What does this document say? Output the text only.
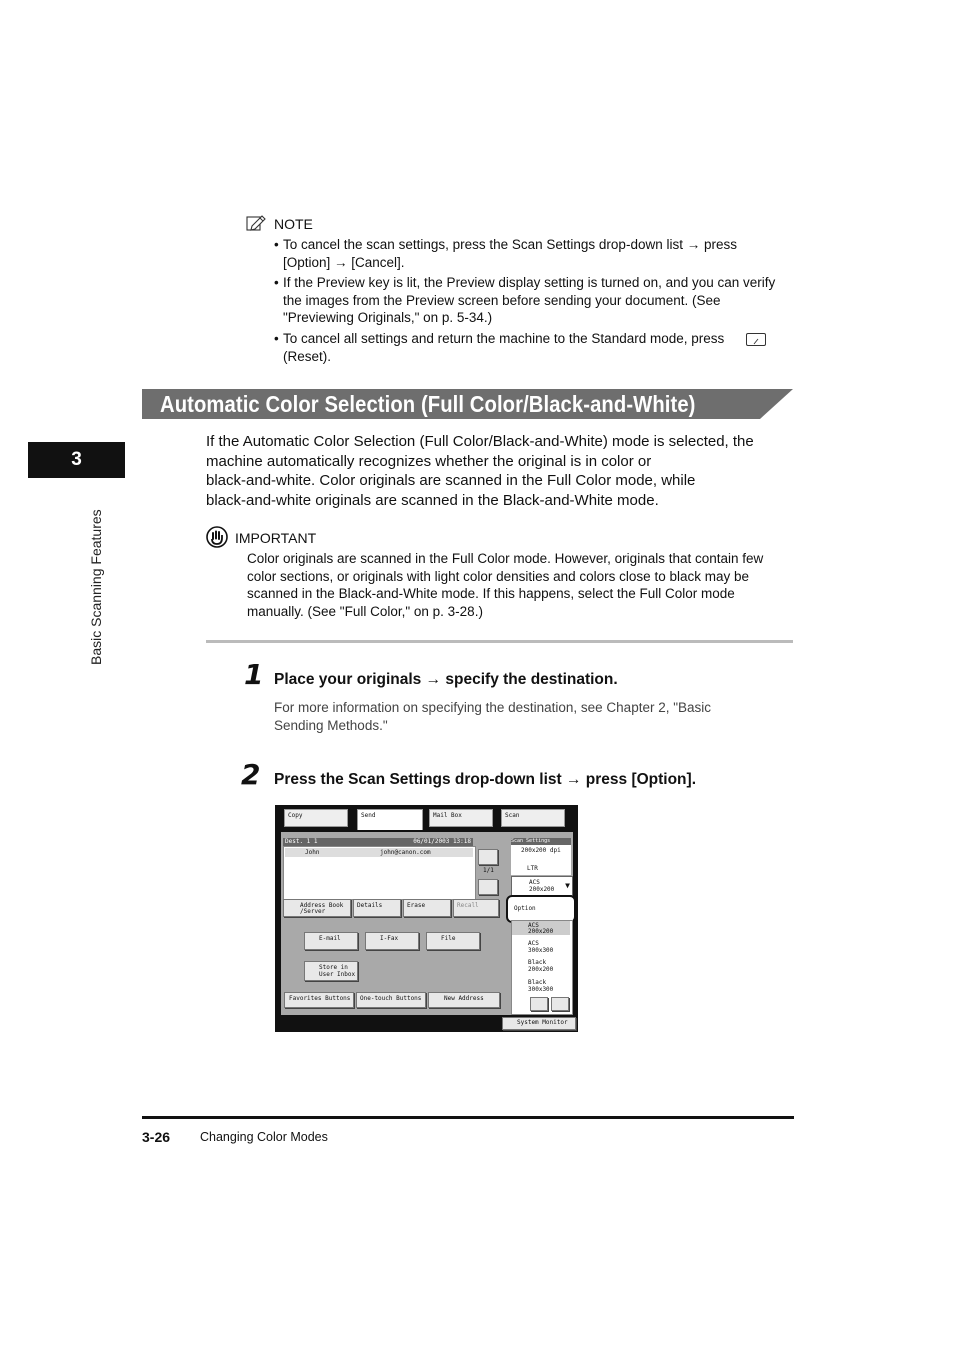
3
Basic Scanning Features
NOTE
• To cancel the scan settings, press the Scan Settings drop-down list → press
[Option] → [Cancel].
• If the Preview key is lit, the Preview display setting is turned on, and you can verify
the images from the Preview screen before sending your document. (See
"Previewing Originals," on p. 5-34.)
• To cancel all settings and return the machine to the Standard mode, press
(Reset).
Automatic Color Selection (Full Color/Black-and-White)
If the Automatic Color Selection (Full Color/Black-and-White) mode is selected, the
machine automatically recognizes whether the original is in color or
black-and-white. Color originals are scanned in the Full Color mode, while
black-and-white originals are scanned in the Black-and-White mode.
IMPORTANT
Color originals are scanned in the Full Color mode. However, originals that contain few
color sections, or originals with light color densities and colors close to black may be
scanned in the Black-and-White mode. If this happens, select the Full Color mode
manually. (See "Full Color," on p. 3-28.)
1 Place your originals → specify the destination.
For more information on specifying the destination, see Chapter 2, "Basic
Sending Methods."
2 Press the Scan Settings drop-down list → press [Option].
Copy	Send	Mail Box	Scan
Dest. 1 1	06/01/2003 13:18
John	john@canon.com
1/1
Address Book
/Server
Details	Erase	Recall
E-mail	I-Fax	File
Store in
User Inbox
Favorites Buttons One-touch Buttons	New Address
Scan Settings
200x200 dpi
LTR
ACS
200x200 ▼
Option
ACS
200x200
ACS
300x300
Black
200x200
Black
300x300
System Monitor
3-26 Changing Color Modes
